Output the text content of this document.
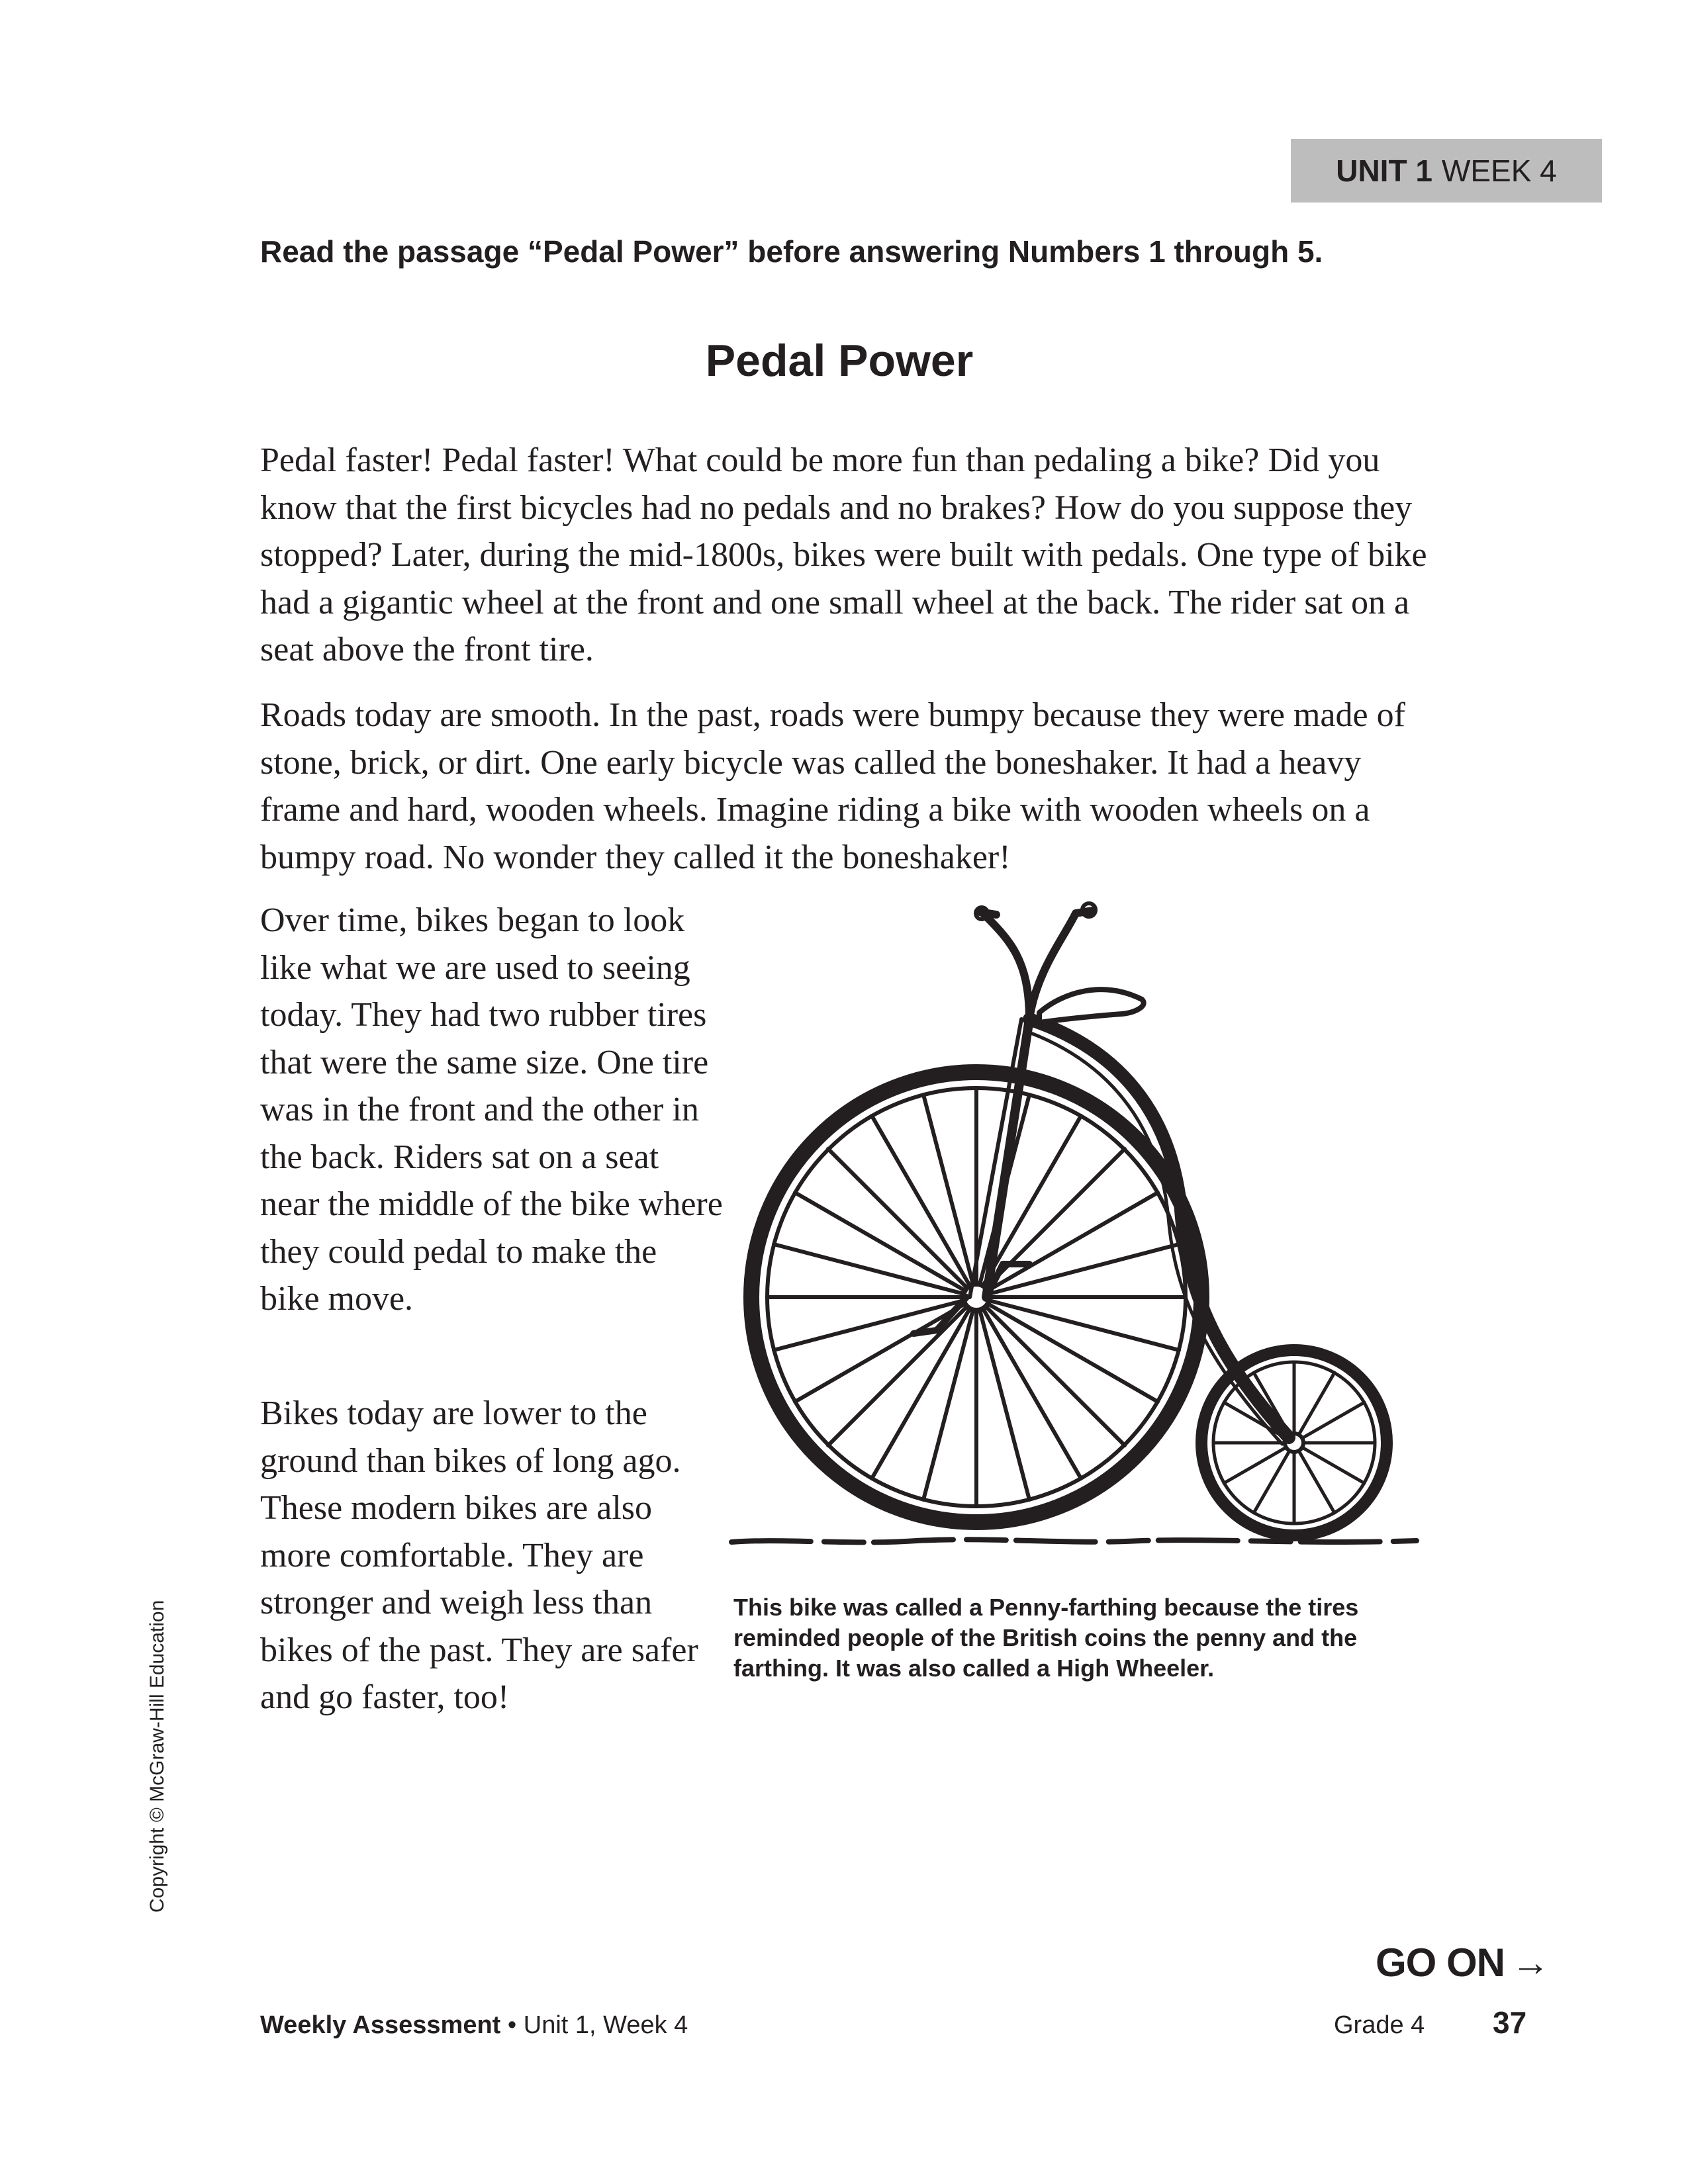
UNIT 1 WEEK 4
Read the passage “Pedal Power” before answering Numbers 1 through 5.
Pedal Power

Pedal faster! Pedal faster! What could be more fun than pedaling a bike? Did you know that the first bicycles had no pedals and no brakes? How do you suppose they stopped? Later, during the mid-1800s, bikes were built with pedals. One type of bike had a gigantic wheel at the front and one small wheel at the back. The rider sat on a seat above the front tire.

Roads today are smooth. In the past, roads were bumpy because they were made of stone, brick, or dirt. One early bicycle was called the boneshaker. It had a heavy frame and hard, wooden wheels. Imagine riding a bike with wooden wheels on a bumpy road. No wonder they called it the boneshaker!

Over time, bikes began to look like what we are used to seeing today. They had two rubber tires that were the same size. One tire was in the front and the other in the back. Riders sat on a seat near the middle of the bike where they could pedal to make the bike move.

Bikes today are lower to the ground than bikes of long ago. These modern bikes are also more comfortable. They are stronger and weigh less than bikes of the past. They are safer and go faster, too!

This bike was called a Penny-farthing because the tires reminded people of the British coins the penny and the farthing. It was also called a High Wheeler.
Copyright © McGraw-Hill Education
GO ON →
Weekly Assessment • Unit 1, Week 4	Grade 4 37
